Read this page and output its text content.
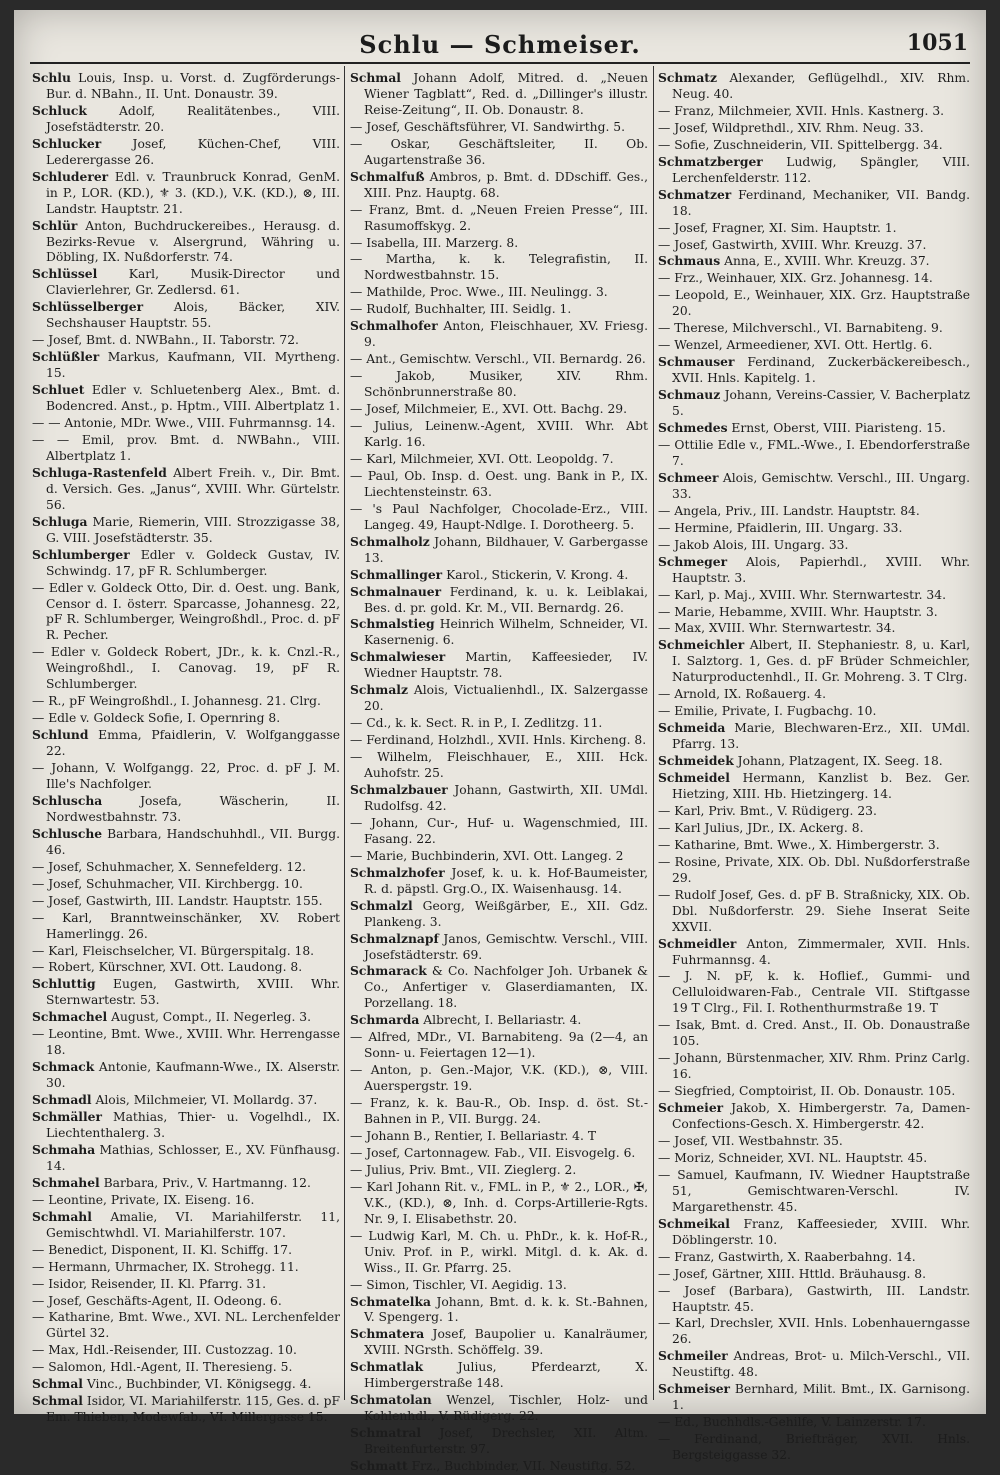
Schlu — Schmeiser.	1051
Schlu Louis, Insp. u. Vorst. d. Zugförderungs-Bur. d. NBahn., II. Unt. Donaustr. 39.
Schluck Adolf, Realitätenbes., VIII. Josefstädterstr. 20.
Schlucker Josef, Küchen-Chef, VIII. Lederergasse 26.
Schluderer Edl. v. Traunbruck Konrad, GenM. in P., LOR. (KD.), ⚜ 3. (KD.), V.K. (KD.), ⊗, III. Landstr. Hauptstr. 21.
Schlür Anton, Buchdruckereibes., Herausg. d. Bezirks-Revue v. Alsergrund, Währing u. Döbling, IX. Nußdorferstr. 74.
Schlüssel Karl, Musik-Director und Clavierlehrer, Gr. Zedlersd. 61.
Schlüsselberger Alois, Bäcker, XIV. Sechshauser Hauptstr. 55.
— Josef, Bmt. d. NWBahn., II. Taborstr. 72.
Schlüßler Markus, Kaufmann, VII. Myrtheng. 15.
Schluet Edler v. Schluetenberg Alex., Bmt. d. Bodencred. Anst., p. Hptm., VIII. Albertplatz 1.
— — Antonie, MDr. Wwe., VIII. Fuhrmannsg. 14.
— — Emil, prov. Bmt. d. NWBahn., VIII. Albertplatz 1.
Schluga-Rastenfeld Albert Freih. v., Dir. Bmt. d. Versich. Ges. „Janus“, XVIII. Whr. Gürtelstr. 56.
Schluga Marie, Riemerin, VIII. Strozzigasse 38, G. VIII. Josefstädterstr. 35.
Schlumberger Edler v. Goldeck Gustav, IV. Schwindg. 17, pF R. Schlumberger.
— Edler v. Goldeck Otto, Dir. d. Oest. ung. Bank, Censor d. I. österr. Sparcasse, Johannesg. 22, pF R. Schlumberger, Weingroßhdl., Proc. d. pF R. Pecher.
— Edler v. Goldeck Robert, JDr., k. k. Cnzl.-R., Weingroßhdl., I. Canovag. 19, pF R. Schlumberger.
— R., pF Weingroßhdl., I. Johannesg. 21. Clrg.
— Edle v. Goldeck Sofie, I. Opernring 8.
Schlund Emma, Pfaidlerin, V. Wolfganggasse 22.
— Johann, V. Wolfgangg. 22, Proc. d. pF J. M. Ille's Nachfolger.
Schluscha Josefa, Wäscherin, II. Nordwestbahnstr. 73.
Schlusche Barbara, Handschuhhdl., VII. Burgg. 46.
— Josef, Schuhmacher, X. Sennefelderg. 12.
— Josef, Schuhmacher, VII. Kirchbergg. 10.
— Josef, Gastwirth, III. Landstr. Hauptstr. 155.
— Karl, Branntweinschänker, XV. Robert Hamerlingg. 26.
— Karl, Fleischselcher, VI. Bürgerspitalg. 18.
— Robert, Kürschner, XVI. Ott. Laudong. 8.
Schluttig Eugen, Gastwirth, XVIII. Whr. Sternwartestr. 53.
Schmachel August, Compt., II. Negerleg. 3.
— Leontine, Bmt. Wwe., XVIII. Whr. Herrengasse 18.
Schmack Antonie, Kaufmann-Wwe., IX. Alserstr. 30.
Schmadl Alois, Milchmeier, VI. Mollardg. 37.
Schmäller Mathias, Thier- u. Vogelhdl., IX. Liechtenthalerg. 3.
Schmaha Mathias, Schlosser, E., XV. Fünfhausg. 14.
Schmahel Barbara, Priv., V. Hartmanng. 12.
— Leontine, Private, IX. Eiseng. 16.
Schmahl Amalie, VI. Mariahilferstr. 11, Gemischtwhdl. VI. Mariahilferstr. 107.
— Benedict, Disponent, II. Kl. Schiffg. 17.
— Hermann, Uhrmacher, IX. Strohegg. 11.
— Isidor, Reisender, II. Kl. Pfarrg. 31.
— Josef, Geschäfts-Agent, II. Odeong. 6.
— Katharine, Bmt. Wwe., XVI. NL. Lerchenfelder Gürtel 32.
— Max, Hdl.-Reisender, III. Custozzag. 10.
— Salomon, Hdl.-Agent, II. Theresieng. 5.
Schmal Vinc., Buchbinder, VI. Königsegg. 4.
Schmal Isidor, VI. Mariahilferstr. 115, Ges. d. pF Em. Thieben, Modewfab., VI. Millergasse 15.
Schmal Johann Adolf, Mitred. d. „Neuen Wiener Tagblatt“, Red. d. „Dillinger's illustr. Reise-Zeitung“, II. Ob. Donaustr. 8.
— Josef, Geschäftsführer, VI. Sandwirthg. 5.
— Oskar, Geschäftsleiter, II. Ob. Augartenstraße 36.
Schmalfuß Ambros, p. Bmt. d. DDschiff. Ges., XIII. Pnz. Hauptg. 68.
— Franz, Bmt. d. „Neuen Freien Presse“, III. Rasumoffskyg. 2.
— Isabella, III. Marzerg. 8.
— Martha, k. k. Telegrafistin, II. Nordwestbahnstr. 15.
— Mathilde, Proc. Wwe., III. Neulingg. 3.
— Rudolf, Buchhalter, III. Seidlg. 1.
Schmalhofer Anton, Fleischhauer, XV. Friesg. 9.
— Ant., Gemischtw. Verschl., VII. Bernardg. 26.
— Jakob, Musiker, XIV. Rhm. Schönbrunnerstraße 80.
— Josef, Milchmeier, E., XVI. Ott. Bachg. 29.
— Julius, Leinenw.-Agent, XVIII. Whr. Abt Karlg. 16.
— Karl, Milchmeier, XVI. Ott. Leopoldg. 7.
— Paul, Ob. Insp. d. Oest. ung. Bank in P., IX. Liechtensteinstr. 63.
— 's Paul Nachfolger, Chocolade-Erz., VIII. Langeg. 49, Haupt-Ndlge. I. Dorotheerg. 5.
Schmalholz Johann, Bildhauer, V. Garbergasse 13.
Schmallinger Karol., Stickerin, V. Krong. 4.
Schmalnauer Ferdinand, k. u. k. Leiblakai, Bes. d. pr. gold. Kr. M., VII. Bernardg. 26.
Schmalstieg Heinrich Wilhelm, Schneider, VI. Kasernenig. 6.
Schmalwieser Martin, Kaffeesieder, IV. Wiedner Hauptstr. 78.
Schmalz Alois, Victualienhdl., IX. Salzergasse 20.
— Cd., k. k. Sect. R. in P., I. Zedlitzg. 11.
— Ferdinand, Holzhdl., XVII. Hnls. Kircheng. 8.
— Wilhelm, Fleischhauer, E., XIII. Hck. Auhofstr. 25.
Schmalzbauer Johann, Gastwirth, XII. UMdl. Rudolfsg. 42.
— Johann, Cur-, Huf- u. Wagenschmied, III. Fasang. 22.
— Marie, Buchbinderin, XVI. Ott. Langeg. 2
Schmalzhofer Josef, k. u. k. Hof-Baumeister, R. d. päpstl. Grg.O., IX. Waisenhausg. 14.
Schmalzl Georg, Weißgärber, E., XII. Gdz. Plankeng. 3.
Schmalznapf Janos, Gemischtw. Verschl., VIII. Josefstädterstr. 69.
Schmarack & Co. Nachfolger Joh. Urbanek & Co., Anfertiger v. Glaserdiamanten, IX. Porzellang. 18.
Schmarda Albrecht, I. Bellariastr. 4.
— Alfred, MDr., VI. Barnabiteng. 9a (2—4, an Sonn- u. Feiertagen 12—1).
— Anton, p. Gen.-Major, V.K. (KD.), ⊗, VIII. Auerspergstr. 19.
— Franz, k. k. Bau-R., Ob. Insp. d. öst. St.-Bahnen in P., VII. Burgg. 24.
— Johann B., Rentier, I. Bellariastr. 4. T
— Josef, Cartonnagew. Fab., VII. Eisvogelg. 6.
— Julius, Priv. Bmt., VII. Zieglerg. 2.
— Karl Johann Rit. v., FML. in P., ⚜ 2., LOR., ✠, V.K., (KD.), ⊗, Inh. d. Corps-Artillerie-Rgts. Nr. 9, I. Elisabethstr. 20.
— Ludwig Karl, M. Ch. u. PhDr., k. k. Hof-R., Univ. Prof. in P., wirkl. Mitgl. d. k. Ak. d. Wiss., II. Gr. Pfarrg. 25.
— Simon, Tischler, VI. Aegidig. 13.
Schmatelka Johann, Bmt. d. k. k. St.-Bahnen, V. Spengerg. 1.
Schmatera Josef, Baupolier u. Kanalräumer, XVIII. NGrsth. Schöffelg. 39.
Schmatlak Julius, Pferdearzt, X. Himbergerstraße 148.
Schmatolan Wenzel, Tischler, Holz- und Kohlenhdl., V. Rüdigerg. 22.
Schmatral Josef, Drechsler, XII. Altm. Breitenfurterstr. 97.
Schmatt Frz., Buchbinder, VII. Neustiftg. 52.
Schmatz Alexander, Geflügelhdl., XIV. Rhm. Neug. 40.
— Franz, Milchmeier, XVII. Hnls. Kastnerg. 3.
— Josef, Wildprethdl., XIV. Rhm. Neug. 33.
— Sofie, Zuschneiderin, VII. Spittelbergg. 34.
Schmatzberger Ludwig, Spängler, VIII. Lerchenfelderstr. 112.
Schmatzer Ferdinand, Mechaniker, VII. Bandg. 18.
— Josef, Fragner, XI. Sim. Hauptstr. 1.
— Josef, Gastwirth, XVIII. Whr. Kreuzg. 37.
Schmaus Anna, E., XVIII. Whr. Kreuzg. 37.
— Frz., Weinhauer, XIX. Grz. Johannesg. 14.
— Leopold, E., Weinhauer, XIX. Grz. Hauptstraße 20.
— Therese, Milchverschl., VI. Barnabiteng. 9.
— Wenzel, Armeediener, XVI. Ott. Hertlg. 6.
Schmauser Ferdinand, Zuckerbäckereibesch., XVII. Hnls. Kapitelg. 1.
Schmauz Johann, Vereins-Cassier, V. Bacherplatz 5.
Schmedes Ernst, Oberst, VIII. Piaristeng. 15.
— Ottilie Edle v., FML.-Wwe., I. Ebendorferstraße 7.
Schmeer Alois, Gemischtw. Verschl., III. Ungarg. 33.
— Angela, Priv., III. Landstr. Hauptstr. 84.
— Hermine, Pfaidlerin, III. Ungarg. 33.
— Jakob Alois, III. Ungarg. 33.
Schmeger Alois, Papierhdl., XVIII. Whr. Hauptstr. 3.
— Karl, p. Maj., XVIII. Whr. Sternwartestr. 34.
— Marie, Hebamme, XVIII. Whr. Hauptstr. 3.
— Max, XVIII. Whr. Sternwartestr. 34.
Schmeichler Albert, II. Stephaniestr. 8, u. Karl, I. Salztorg. 1, Ges. d. pF Brüder Schmeichler, Naturproductenhdl., II. Gr. Mohreng. 3. T Clrg.
— Arnold, IX. Roßauerg. 4.
— Emilie, Private, I. Fugbachg. 10.
Schmeida Marie, Blechwaren-Erz., XII. UMdl. Pfarrg. 13.
Schmeidek Johann, Platzagent, IX. Seeg. 18.
Schmeidel Hermann, Kanzlist b. Bez. Ger. Hietzing, XIII. Hb. Hietzingerg. 14.
— Karl, Priv. Bmt., V. Rüdigerg. 23.
— Karl Julius, JDr., IX. Ackerg. 8.
— Katharine, Bmt. Wwe., X. Himbergerstr. 3.
— Rosine, Private, XIX. Ob. Dbl. Nußdorferstraße 29.
— Rudolf Josef, Ges. d. pF B. Straßnicky, XIX. Ob. Dbl. Nußdorferstr. 29. Siehe Inserat Seite XXVII.
Schmeidler Anton, Zimmermaler, XVII. Hnls. Fuhrmannsg. 4.
— J. N. pF, k. k. Hoflief., Gummi- und Celluloidwaren-Fab., Centrale VII. Stiftgasse 19 T Clrg., Fil. I. Rothenthurmstraße 19. T
— Isak, Bmt. d. Cred. Anst., II. Ob. Donaustraße 105.
— Johann, Bürstenmacher, XIV. Rhm. Prinz Carlg. 16.
— Siegfried, Comptoirist, II. Ob. Donaustr. 105.
Schmeier Jakob, X. Himbergerstr. 7a, Damen-Confections-Gesch. X. Himbergerstr. 42.
— Josef, VII. Westbahnstr. 35.
— Moriz, Schneider, XVI. NL. Hauptstr. 45.
— Samuel, Kaufmann, IV. Wiedner Hauptstraße 51, Gemischtwaren-Verschl. IV. Margarethenstr. 45.
Schmeikal Franz, Kaffeesieder, XVIII. Whr. Döblingerstr. 10.
— Franz, Gastwirth, X. Raaberbahng. 14.
— Josef, Gärtner, XIII. Httld. Bräuhausg. 8.
— Josef (Barbara), Gastwirth, III. Landstr. Hauptstr. 45.
— Karl, Drechsler, XVII. Hnls. Lobenhauerngasse 26.
Schmeiler Andreas, Brot- u. Milch-Verschl., VII. Neustiftg. 48.
Schmeiser Bernhard, Milit. Bmt., IX. Garnisong. 1.
— Ed., Buchhdls.-Gehilfe, V. Lainzerstr. 17.
— Ferdinand, Briefträger, XVII. Hnls. Bergsteiggasse 32.
